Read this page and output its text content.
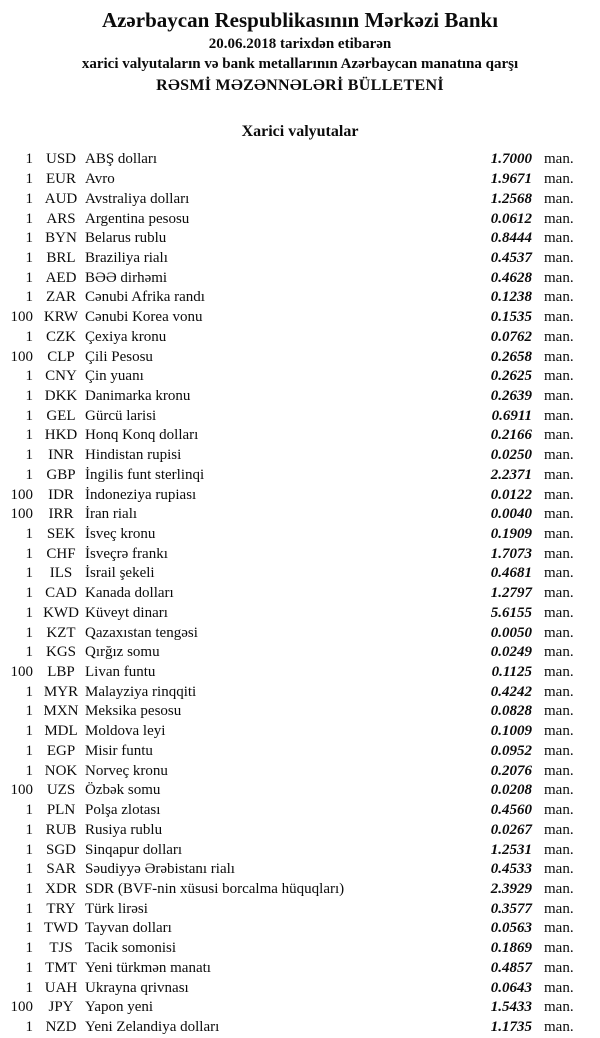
Azərbaycan Respublikasının Mərkəzi Bankı
20.06.2018 tarixdən etibarən
xarici valyutaların və bank metallarının Azərbaycan manatına qarşı
RƏSMİ MƏZƏNNƏLƏRİ BÜLLETENİ
Xarici valyutalar
1 USD ABŞ dolları	1.7000 man.
1 EUR Avro	1.9671 man.
1 AUD Avstraliya dolları	1.2568 man.
1 ARS Argentina pesosu	0.0612 man.
1 BYN Belarus rublu	0.8444 man.
1 BRL Braziliya rialı	0.4537 man.
1 AED BƏƏ dirhəmi	0.4628 man.
1 ZAR Cənubi Afrika randı	0.1238 man.
100 KRW Cənubi Korea vonu	0.1535 man.
1 CZK Çexiya kronu	0.0762 man.
100 CLP Çili Pesosu	0.2658 man.
1 CNY Çin yuanı	0.2625 man.
1 DKK Danimarka kronu	0.2639 man.
1 GEL Gürcü larisi	0.6911 man.
1 HKD Honq Konq dolları	0.2166 man.
1	INR Hindistan rupisi	0.0250 man.
1 GBP İngilis funt sterlinqi	2.2371 man.
100	IDR İndoneziya rupiası	0.0122 man.
100	IRR İran rialı	0.0040 man.
1 SEK İsveç kronu	0.1909 man.
1 CHF İsveçrə frankı	1.7073 man.
1	ILS İsrail şekeli	0.4681 man.
1 CAD Kanada dolları	1.2797 man.
1 KWD Küveyt dinarı	5.6155 man.
1 KZT Qazaxıstan tengəsi	0.0050 man.
1 KGS Qırğız somu	0.0249 man.
100 LBP Livan funtu	0.1125 man.
1 MYR Malayziya rinqqiti	0.4242 man.
1 MXN Meksika pesosu	0.0828 man.
1 MDL Moldova leyi	0.1009 man.
1 EGP Misir funtu	0.0952 man.
1 NOK Norveç kronu	0.2076 man.
100 UZS Özbək somu	0.0208 man.
1 PLN Polşa zlotası	0.4560 man.
1 RUB Rusiya rublu	0.0267 man.
1 SGD Sinqapur dolları	1.2531 man.
1 SAR Səudiyyə Ərəbistanı rialı	0.4533 man.
1 XDR SDR (BVF-nin xüsusi borcalma hüquqları)	2.3929 man.
1 TRY Türk lirəsi	0.3577 man.
1 TWD Tayvan dolları	0.0563 man.
1	TJS Tacik somonisi	0.1869 man.
1 TMT Yeni türkmən manatı	0.4857 man.
1 UAH Ukrayna qrivnası	0.0643 man.
100	JPY Yapon yeni	1.5433 man.
1 NZD Yeni Zelandiya dolları	1.1735 man.
